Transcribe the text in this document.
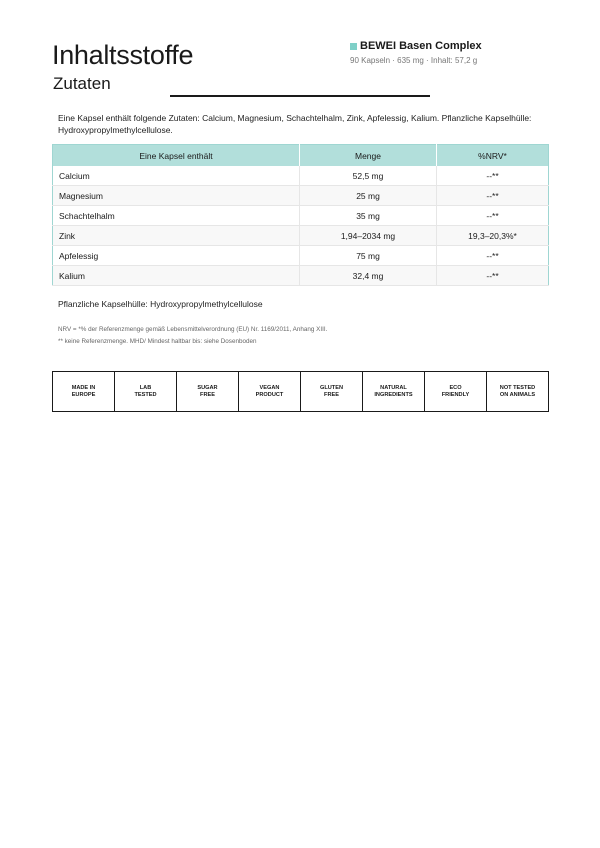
Inhaltsstoffe
Zutaten
BEWEI Basen Complex
90 Kapseln · 635 mg · Inhalt: 57,2 g
Eine Kapsel enthält folgende Zutaten: Calcium, Magnesium, Schachtelhalm, Zink, Apfelessig, Kalium. Pflanzliche Kapselhülle: Hydroxypropylmethylcellulose.
Eine Kapsel enthält	Menge	%NRV*
Calcium	52,5 mg	--**
Magnesium	25 mg	--**
Schachtelhalm	35 mg	--**
Zink	1,94–2034 mg	19,3–20,3%*
Apfelessig	75 mg	--**
Kalium	32,4 mg	--**
Pflanzliche Kapselhülle: Hydroxypropylmethylcellulose
NRV = *% der Referenzmenge gemäß Lebensmittelverordnung (EU) Nr. 1169/2011, Anhang XIII.
** keine Referenzmenge. MHD/ Mindest haltbar bis: siehe Dosenboden
MADE IN
EUROPE
LAB
TESTED
SUGAR
FREE
VEGAN
PRODUCT
GLUTEN
FREE
NATURAL
INGREDIENTS
ECO
FRIENDLY
NOT TESTED
ON ANIMALS
